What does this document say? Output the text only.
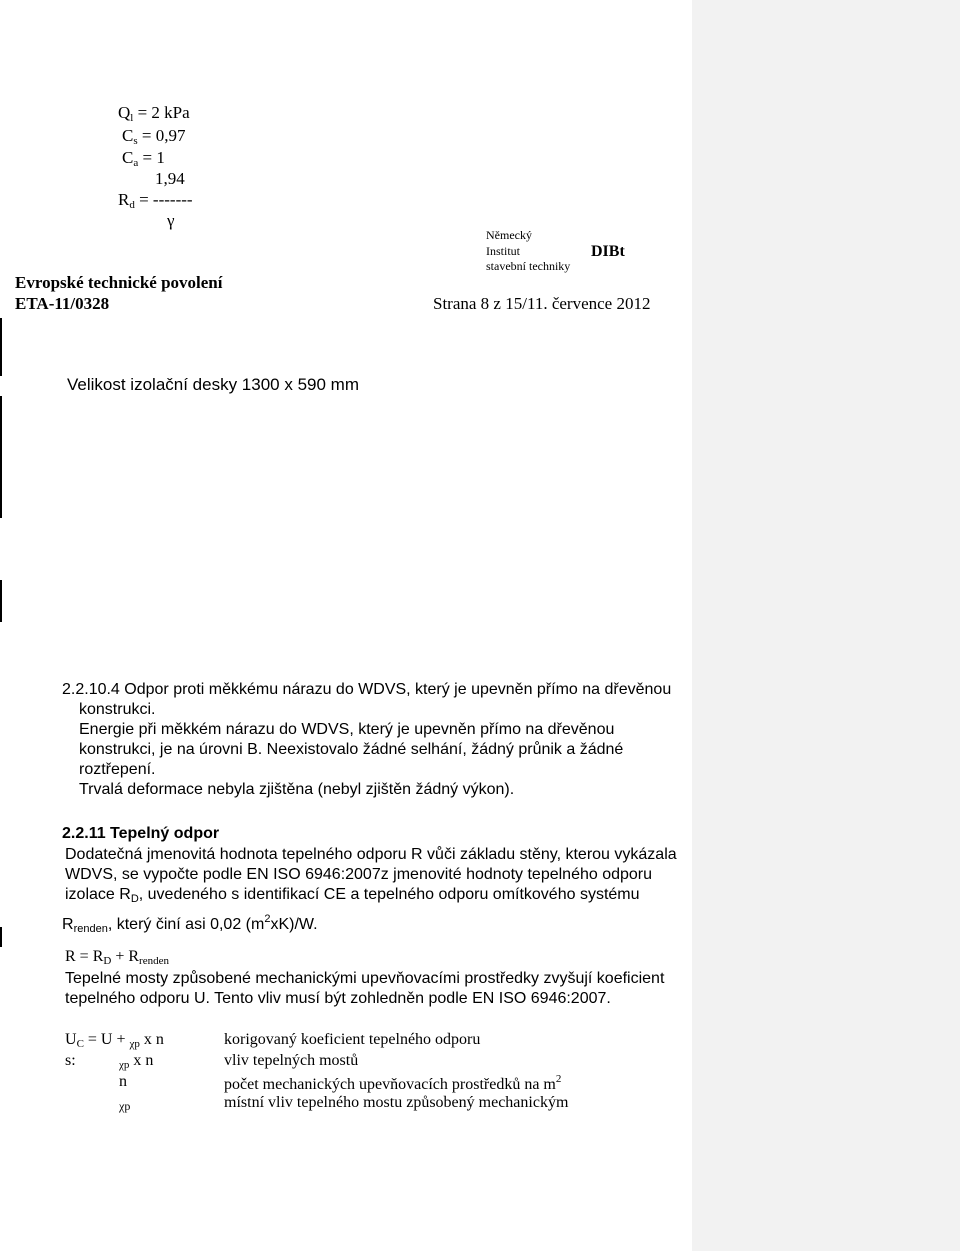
$Q_l = 2$ kPa
$C_s = 0,97$
$C_a = 1$
1,94
$R_d$ = -------
γ
Německý
Institut	DIBt
stavební techniky
Evropské technické povolení
ETA-11/0328	Strana 8 z 15/11. července 2012
Velikost izolační desky 1300 x 590 mm
2.2.10.4 Odpor proti měkkému nárazu do WDVS, který je upevněn přímo na dřevěnou
konstrukci.
Energie při měkkém nárazu do WDVS, který je upevněn přímo na dřevěnou
konstrukci, je na úrovni B. Neexistovalo žádné selhání, žádný průnik a žádné
roztřepení.
Trvalá deformace nebyla zjištěna (nebyl zjištěn žádný výkon).
2.2.11 Tepelný odpor
Dodatečná jmenovitá hodnota tepelného odporu R vůči základu stěny, kterou vykázala
WDVS, se vypočte podle EN ISO 6946:2007z jmenovité hodnoty tepelného odporu
izolace $R_D$, uvedeného s identifikací CE a tepelného odporu omítkového systému
$R_{renden}$, který činí asi 0,02 $(m^2xK)/W$.
$R = R_D + R_{renden}$
Tepelné mosty způsobené mechanickými upevňovacími prostředky zvyšují koeficient
tepelného odporu U. Tento vliv musí být zohledněn podle EN ISO 6946:2007.
$U_C = U + _{\chi p}$ x n	korigovaný koeficient tepelného odporu
s:	$_{\chi p}$ x n	vliv tepelných mostů
n	počet mechanických upevňovacích prostředků na $m^2$
χp	místní vliv tepelného mostu způsobený mechanickým
